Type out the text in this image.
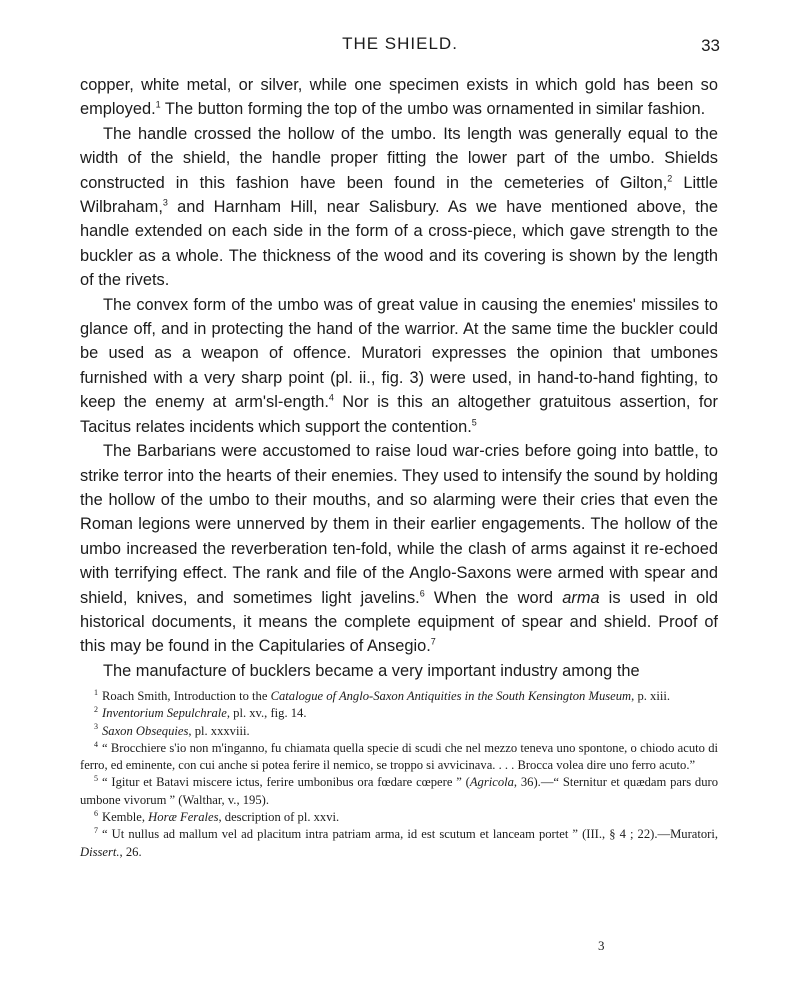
THE SHIELD.	33

copper, white metal, or silver, while one specimen exists in which gold has been so employed.$^1$ The button forming the top of the umbo was ornamented in similar fashion.

The handle crossed the hollow of the umbo. Its length was generally equal to the width of the shield, the handle proper fitting the lower part of the umbo. Shields constructed in this fashion have been found in the cemeteries of Gilton,$^2$ Little Wilbraham,$^3$ and Harnham Hill, near Salisbury. As we have mentioned above, the handle extended on each side in the form of a cross-piece, which gave strength to the buckler as a whole. The thickness of the wood and its covering is shown by the length of the rivets.

The convex form of the umbo was of great value in causing the enemies' missiles to glance off, and in protecting the hand of the warrior. At the same time the buckler could be used as a weapon of offence. Muratori expresses the opinion that umbones furnished with a very sharp point (pl. ii., fig. 3) were used, in hand-to-hand fighting, to keep the enemy at arm'sl-ength.$^4$ Nor is this an altogether gratuitous assertion, for Tacitus relates incidents which support the contention.$^5$

The Barbarians were accustomed to raise loud war-cries before going into battle, to strike terror into the hearts of their enemies. They used to intensify the sound by holding the hollow of the umbo to their mouths, and so alarming were their cries that even the Roman legions were unnerved by them in their earlier engagements. The hollow of the umbo increased the reverberation ten-fold, while the clash of arms against it re-echoed with terrifying effect. The rank and file of the Anglo-Saxons were armed with spear and shield, knives, and sometimes light javelins.$^6$ When the word arma is used in old historical documents, it means the complete equipment of spear and shield. Proof of this may be found in the Capitularies of Ansegio.$^7$

The manufacture of bucklers became a very important industry among the

$^1$ Roach Smith, Introduction to the Catalogue of Anglo-Saxon Antiquities in the South Kensington Museum, p. xiii.

$^2$ Inventorium Sepulchrale, pl. xv., fig. 14.

$^3$ Saxon Obsequies, pl. xxxviii.

$^4$ “ Brocchiere s'io non m'inganno, fu chiamata quella specie di scudi che nel mezzo teneva uno spontone, o chiodo acuto di ferro, ed eminente, con cui anche si potea ferire il nemico, se troppo si avvicinava. . . . Brocca volea dire uno ferro acuto.”

$^5$ “ Igitur et Batavi miscere ictus, ferire umbonibus ora fœdare cœpere ” (Agricola, 36).—“ Sternitur et quædam pars duro umbone vivorum ” (Walthar, v., 195).

$^6$ Kemble, Horæ Ferales, description of pl. xxvi.

$^7$ “ Ut nullus ad mallum vel ad placitum intra patriam arma, id est scutum et lanceam portet ” (III., § 4 ; 22).—Muratori, Dissert., 26.

3
